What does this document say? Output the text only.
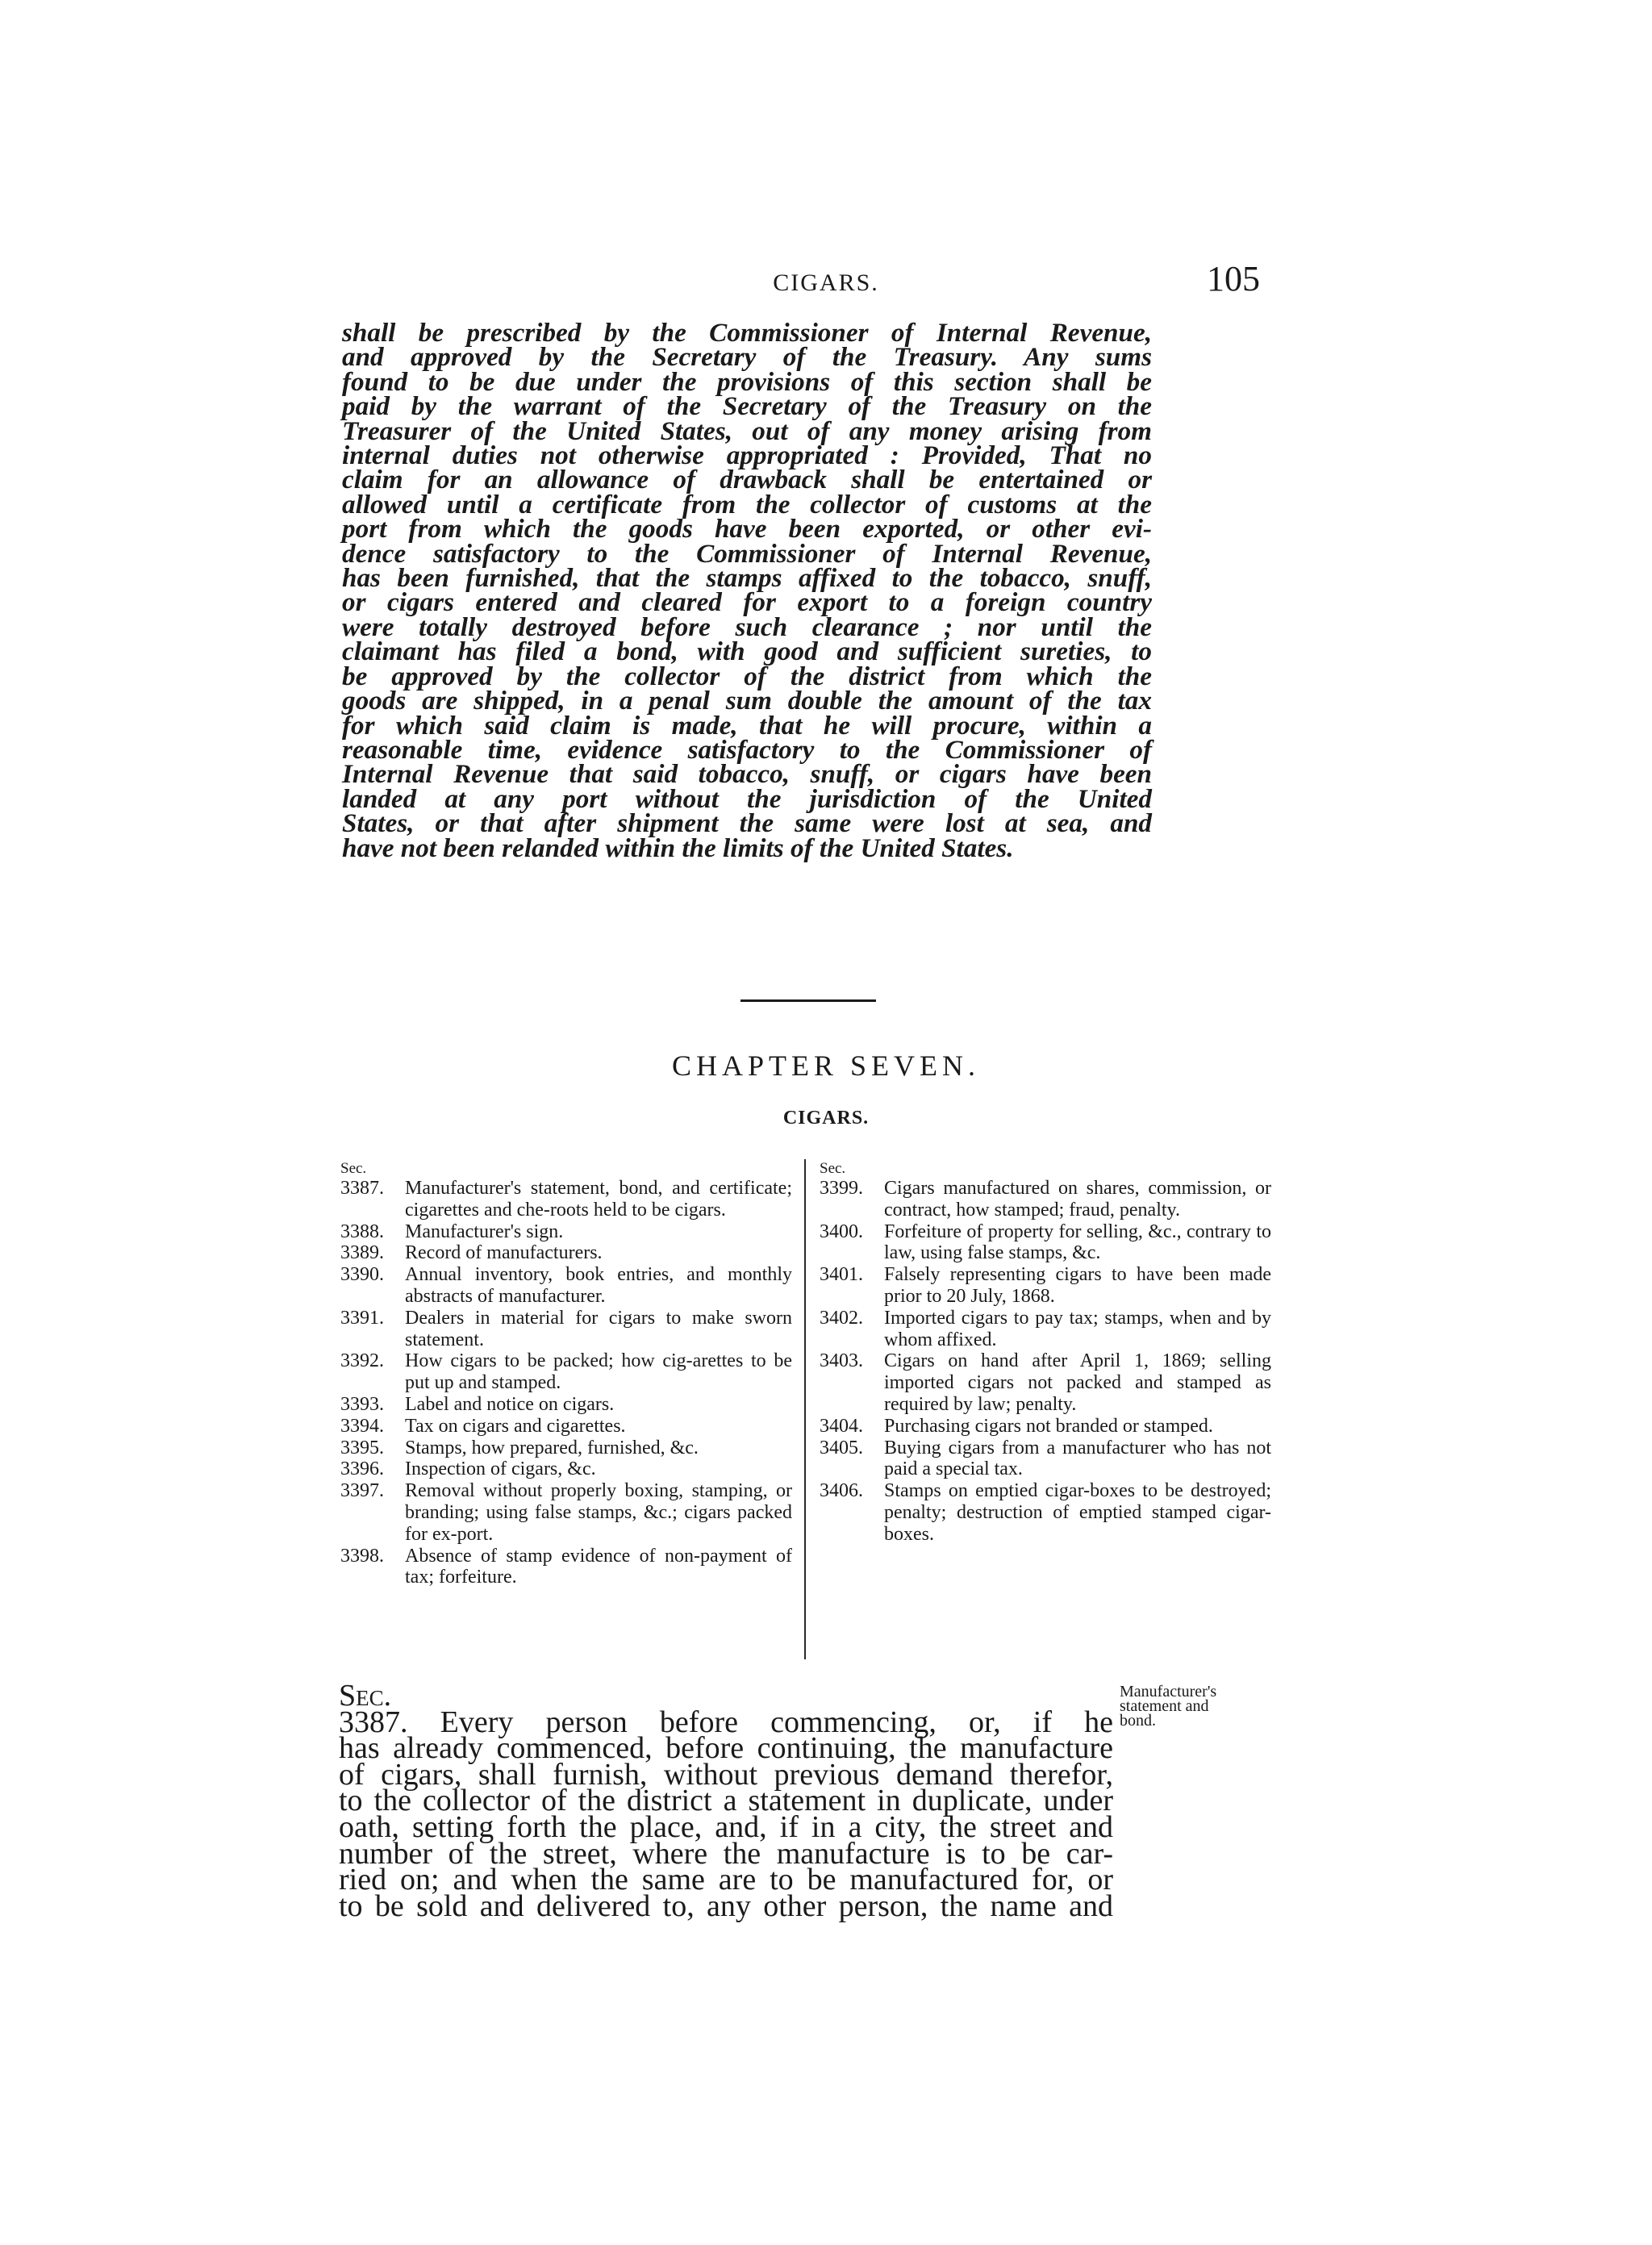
CIGARS.	105
shall be prescribed by the Commissioner of Internal Revenue,
and approved by the Secretary of the Treasury. Any sums
found to be due under the provisions of this section shall be
paid by the warrant of the Secretary of the Treasury on the
Treasurer of the United States, out of any money arising from
internal duties not otherwise appropriated : Provided, That no
claim for an allowance of drawback shall be entertained or
allowed until a certificate from the collector of customs at the
port from which the goods have been exported, or other evi-
dence satisfactory to the Commissioner of Internal Revenue,
has been furnished, that the stamps affixed to the tobacco, snuff,
or cigars entered and cleared for export to a foreign country
were totally destroyed before such clearance ; nor until the
claimant has filed a bond, with good and sufficient sureties, to
be approved by the collector of the district from which the
goods are shipped, in a penal sum double the amount of the tax
for which said claim is made, that he will procure, within a
reasonable time, evidence satisfactory to the Commissioner of
Internal Revenue that said tobacco, snuff, or cigars have been
landed at any port without the jurisdiction of the United
States, or that after shipment the same were lost at sea, and
have not been relanded within the limits of the United States.
CHAPTER SEVEN.
CIGARS.
Sec.
3387. Manufacturer's statement, bond, and certificate; cigarettes and che-roots held to be cigars.
3388. Manufacturer's sign.
3389. Record of manufacturers.
3390. Annual inventory, book entries, and monthly abstracts of manufacturer.
3391. Dealers in material for cigars to make sworn statement.
3392. How cigars to be packed; how cig-arettes to be put up and stamped.
3393. Label and notice on cigars.
3394. Tax on cigars and cigarettes.
3395. Stamps, how prepared, furnished, &c.
3396. Inspection of cigars, &c.
3397. Removal without properly boxing, stamping, or branding; using false stamps, &c.; cigars packed for ex-port.
3398. Absence of stamp evidence of non-payment of tax; forfeiture.
Sec.
3399. Cigars manufactured on shares, commission, or contract, how stamped; fraud, penalty.
3400. Forfeiture of property for selling, &c., contrary to law, using false stamps, &c.
3401. Falsely representing cigars to have been made prior to 20 July, 1868.
3402. Imported cigars to pay tax; stamps, when and by whom affixed.
3403. Cigars on hand after April 1, 1869; selling imported cigars not packed and stamped as required by law; penalty.
3404. Purchasing cigars not branded or stamped.
3405. Buying cigars from a manufacturer who has not paid a special tax.
3406. Stamps on emptied cigar-boxes to be destroyed; penalty; destruction of emptied stamped cigar-boxes.
Sec.
3387. Every person before commencing, or, if he
has already commenced, before continuing, the manufacture
of cigars, shall furnish, without previous demand therefor,
to the collector of the district a statement in duplicate, under
oath, setting forth the place, and, if in a city, the street and
number of the street, where the manufacture is to be car-
ried on; and when the same are to be manufactured for, or
to be sold and delivered to, any other person, the name and
Manufacturer's
statement and
bond.
